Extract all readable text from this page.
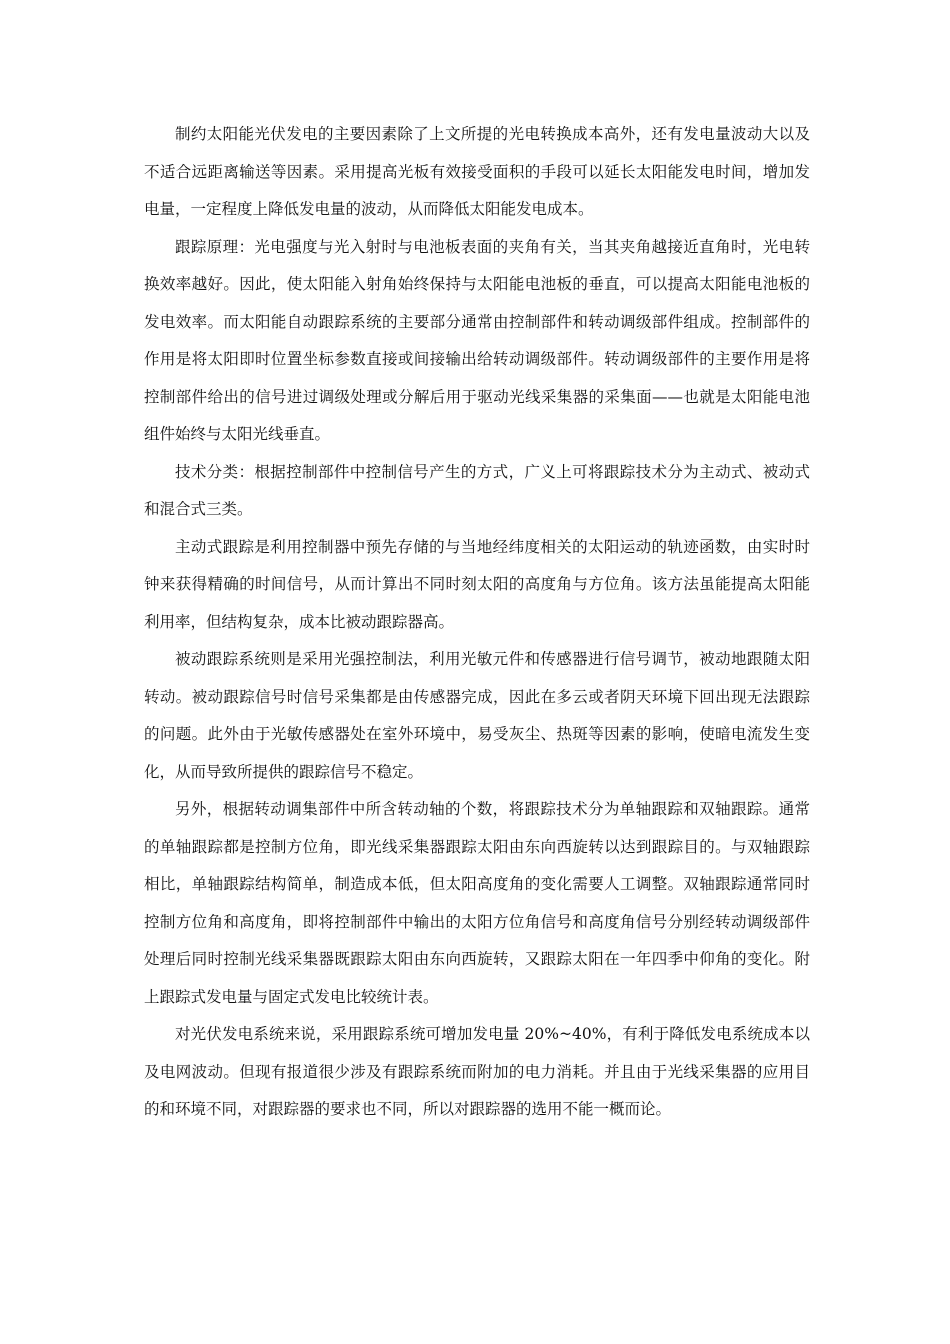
制约太阳能光伏发电的主要因素除了上文所提的光电转换成本高外，还有发电量波动大以及不适合远距离输送等因素。采用提高光板有效接受面积的手段可以延长太阳能发电时间，增加发电量，一定程度上降低发电量的波动，从而降低太阳能发电成本。

跟踪原理：光电强度与光入射时与电池板表面的夹角有关，当其夹角越接近直角时，光电转换效率越好。因此，使太阳能入射角始终保持与太阳能电池板的垂直，可以提高太阳能电池板的发电效率。而太阳能自动跟踪系统的主要部分通常由控制部件和转动调级部件组成。控制部件的作用是将太阳即时位置坐标参数直接或间接输出给转动调级部件。转动调级部件的主要作用是将控制部件给出的信号进过调级处理或分解后用于驱动光线采集器的采集面——也就是太阳能电池组件始终与太阳光线垂直。

技术分类：根据控制部件中控制信号产生的方式，广义上可将跟踪技术分为主动式、被动式和混合式三类。

主动式跟踪是利用控制器中预先存储的与当地经纬度相关的太阳运动的轨迹函数，由实时时钟来获得精确的时间信号，从而计算出不同时刻太阳的高度角与方位角。该方法虽能提高太阳能利用率，但结构复杂，成本比被动跟踪器高。

被动跟踪系统则是采用光强控制法，利用光敏元件和传感器进行信号调节，被动地跟随太阳转动。被动跟踪信号时信号采集都是由传感器完成，因此在多云或者阴天环境下回出现无法跟踪的问题。此外由于光敏传感器处在室外环境中，易受灰尘、热斑等因素的影响，使暗电流发生变化，从而导致所提供的跟踪信号不稳定。

另外，根据转动调集部件中所含转动轴的个数，将跟踪技术分为单轴跟踪和双轴跟踪。通常的单轴跟踪都是控制方位角，即光线采集器跟踪太阳由东向西旋转以达到跟踪目的。与双轴跟踪相比，单轴跟踪结构简单，制造成本低，但太阳高度角的变化需要人工调整。双轴跟踪通常同时控制方位角和高度角，即将控制部件中输出的太阳方位角信号和高度角信号分别经转动调级部件处理后同时控制光线采集器既跟踪太阳由东向西旋转，又跟踪太阳在一年四季中仰角的变化。附上跟踪式发电量与固定式发电比较统计表。

对光伏发电系统来说，采用跟踪系统可增加发电量 20%~40%，有利于降低发电系统成本以及电网波动。但现有报道很少涉及有跟踪系统而附加的电力消耗。并且由于光线采集器的应用目的和环境不同，对跟踪器的要求也不同，所以对跟踪器的选用不能一概而论。
